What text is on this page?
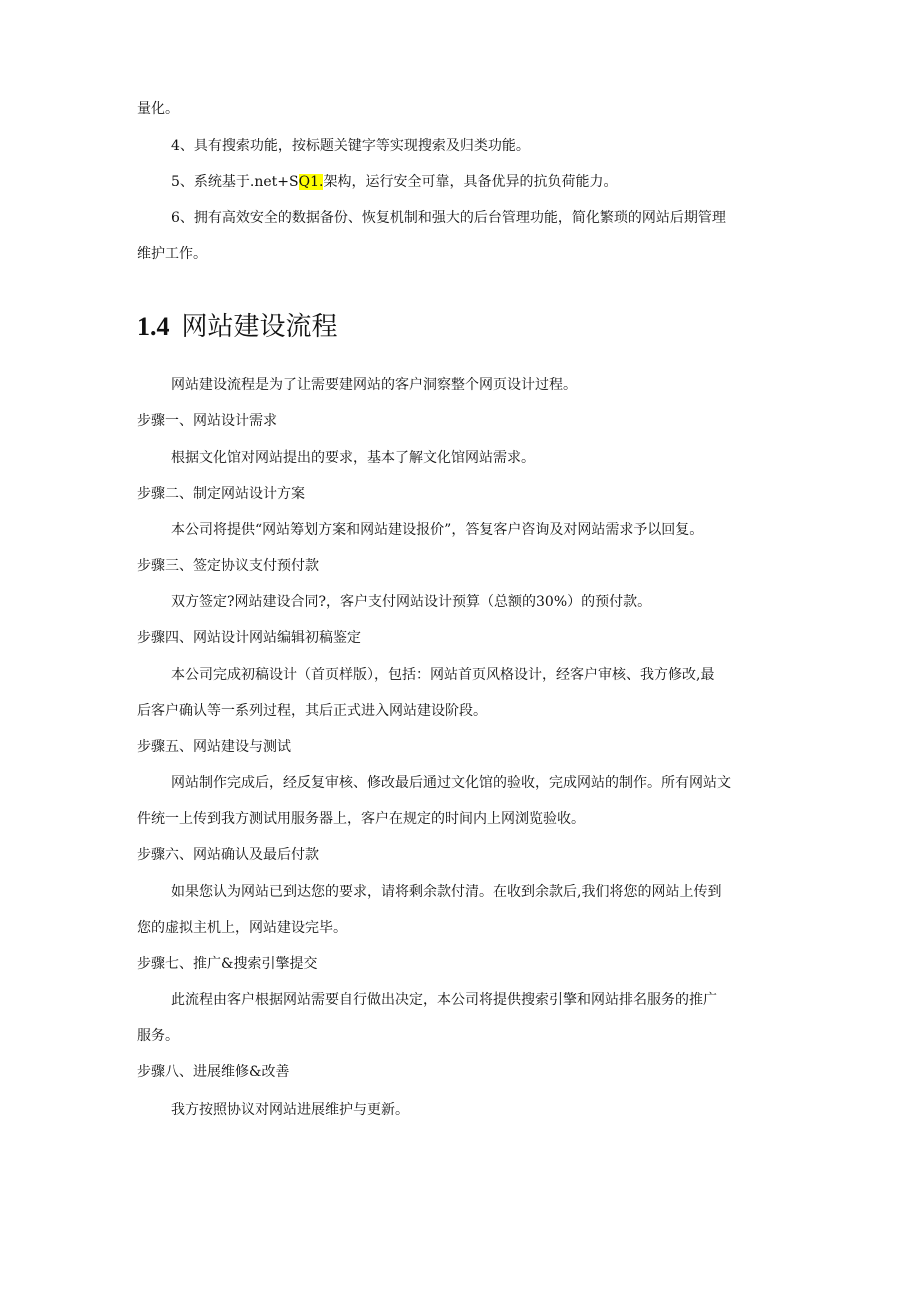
量化。
4、具有搜索功能，按标题关键字等实现搜索及归类功能。
5、系统基于.net+SQ1.架构，运行安全可靠，具备优异的抗负荷能力。
6、拥有高效安全的数据备份、恢复机制和强大的后台管理功能，简化繁琐的网站后期管理
维护工作。
1.4 网站建设流程
网站建设流程是为了让需要建网站的客户洞察整个网页设计过程。
步骤一、网站设计需求
根据文化馆对网站提出的要求，基本了解文化馆网站需求。
步骤二、制定网站设计方案
本公司将提供“网站筹划方案和网站建设报价”，答复客户咨询及对网站需求予以回复。
步骤三、签定协议支付预付款
双方签定?网站建设合同?，客户支付网站设计预算（总额的30%）的预付款。
步骤四、网站设计网站编辑初稿鉴定
本公司完成初稿设计（首页样版），包括：网站首页风格设计，经客户审核、我方修改,最
后客户确认等一系列过程，其后正式进入网站建设阶段。
步骤五、网站建设与测试
网站制作完成后，经反复审核、修改最后通过文化馆的验收，完成网站的制作。所有网站文
件统一上传到我方测试用服务器上，客户在规定的时间内上网浏览验收。
步骤六、网站确认及最后付款
如果您认为网站已到达您的要求，请将剩余款付清。在收到余款后,我们将您的网站上传到
您的虚拟主机上，网站建设完毕。
步骤七、推广&搜索引擎提交
此流程由客户根据网站需要自行做出决定，本公司将提供搜索引擎和网站排名服务的推广
服务。
步骤八、进展维修&改善
我方按照协议对网站进展维护与更新。
